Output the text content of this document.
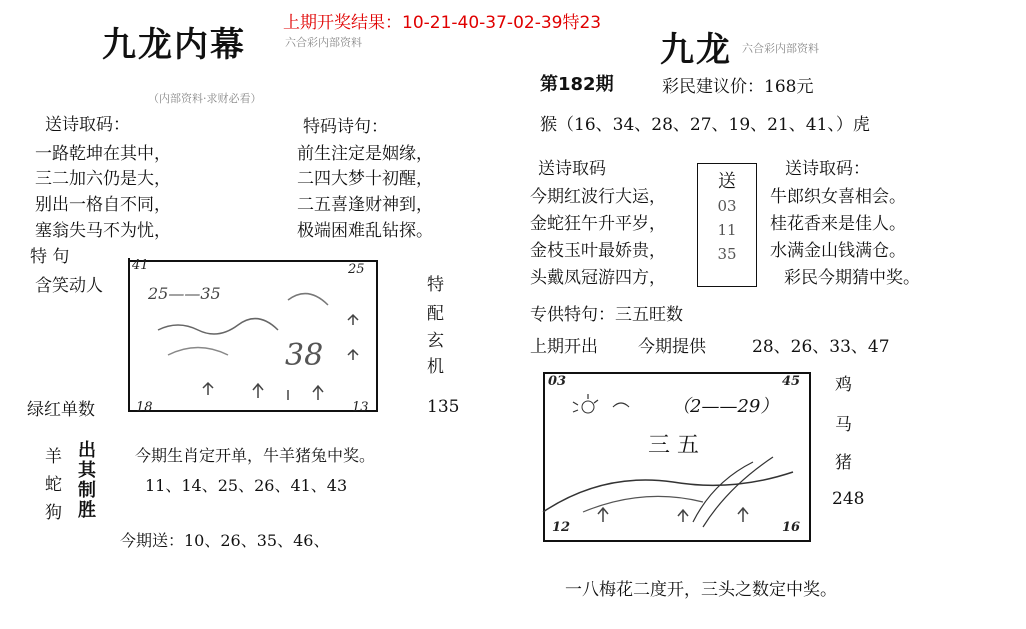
上期开奖结果：10-21-40-37-02-39特23
九龙内幕	六合彩内部资料
（内部资料·求财必看）
送诗取码：
一路乾坤在其中，
三二加六仍是大，
别出一格自不同，
塞翁失马不为忧，
特码诗句：
前生注定是姻缘，
二四大梦十初醒，
二五喜逢财神到，
极端困难乱钻探。
特 句
含笑动人
41	25
18	13
25——35
38
特
配
玄
机
绿红单数	135
羊
蛇
狗
出
其
制
胜
今期生肖定开单，牛羊猪兔中奖。
11、14、25、26、41、43
今期送：10、26、35、46、
九龙 六合彩内部资料
第182期	彩民建议价：168元
猴（16、34、28、27、19、21、41、）虎
送诗取码
今期红波行大运，
金蛇狂午升平岁，
金枝玉叶最娇贵，
头戴凤冠游四方，
送
03
11
35
送诗取码：
牛郎织女喜相会。
桂花香来是佳人。
水满金山钱满仓。
彩民今期猜中奖。
专供特句：三五旺数
上期开出 今期提供	28、26、33、47
03	45
12	16
（2——29）
三 五
鸡
马
猪
248
一八梅花二度开，三头之数定中奖。
